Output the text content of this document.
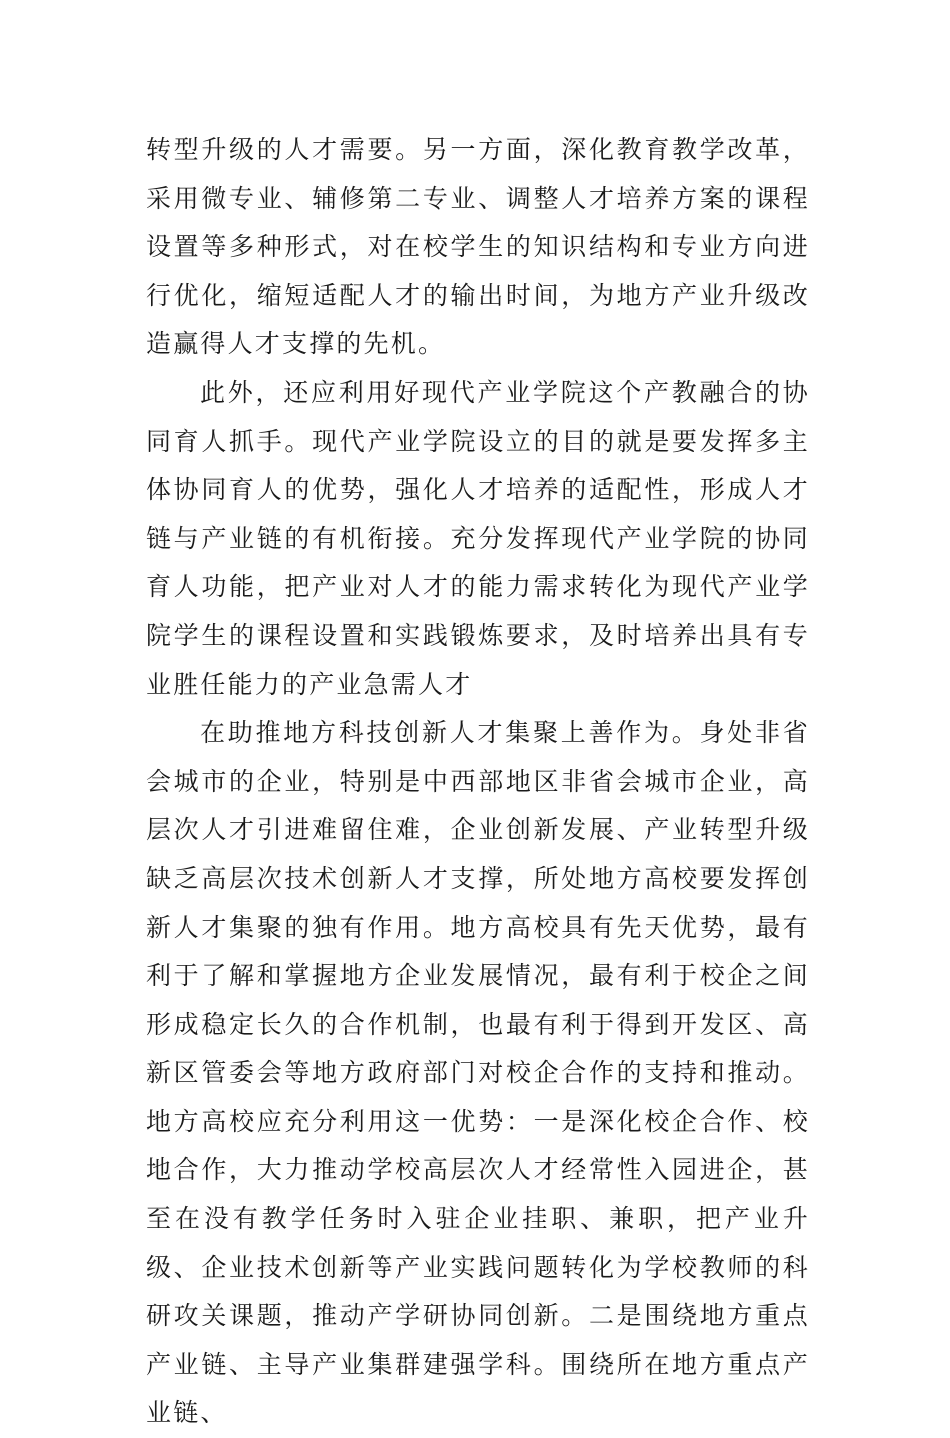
转型升级的人才需要。另一方面，深化教育教学改革，采用微专业、辅修第二专业、调整人才培养方案的课程设置等多种形式，对在校学生的知识结构和专业方向进行优化，缩短适配人才的输出时间，为地方产业升级改造赢得人才支撑的先机。

此外，还应利用好现代产业学院这个产教融合的协同育人抓手。现代产业学院设立的目的就是要发挥多主体协同育人的优势，强化人才培养的适配性，形成人才链与产业链的有机衔接。充分发挥现代产业学院的协同育人功能，把产业对人才的能力需求转化为现代产业学院学生的课程设置和实践锻炼要求，及时培养出具有专业胜任能力的产业急需人才

在助推地方科技创新人才集聚上善作为。身处非省会城市的企业，特别是中西部地区非省会城市企业，高层次人才引进难留住难，企业创新发展、产业转型升级缺乏高层次技术创新人才支撑，所处地方高校要发挥创新人才集聚的独有作用。地方高校具有先天优势，最有利于了解和掌握地方企业发展情况，最有利于校企之间形成稳定长久的合作机制，也最有利于得到开发区、高新区管委会等地方政府部门对校企合作的支持和推动。地方高校应充分利用这一优势：一是深化校企合作、校地合作，大力推动学校高层次人才经常性入园进企，甚至在没有教学任务时入驻企业挂职、兼职，把产业升级、企业技术创新等产业实践问题转化为学校教师的科研攻关课题，推动产学研协同创新。二是围绕地方重点产业链、主导产业集群建强学科。围绕所在地方重点产业链、
